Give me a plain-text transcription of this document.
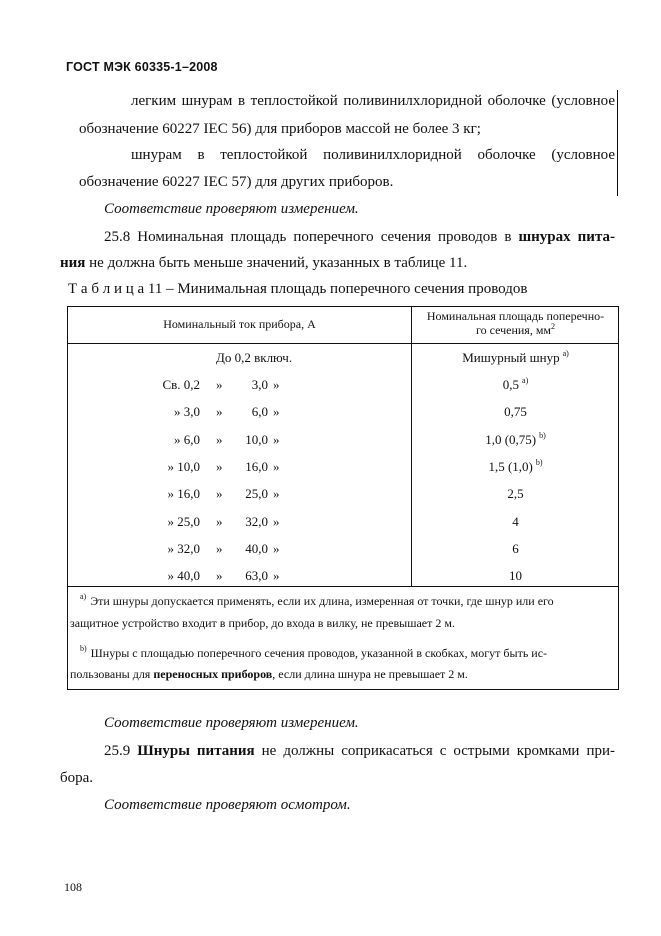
ГОСТ МЭК 60335-1–2008
легким шнурам в теплостойкой поливинилхлоридной оболочке (условное
обозначение 60227 IEC 56) для приборов массой не более 3 кг;
шнурам в теплостойкой поливинилхлоридной оболочке (условное
обозначение 60227 IEC 57) для других приборов.
Соответствие проверяют измерением.
25.8 Номинальная площадь поперечного сечения проводов в шнурах пита-
ния не должна быть меньше значений, указанных в таблице 11.
Т а б л и ц а 11 – Минимальная площадь поперечного сечения проводов
Номинальный ток прибора, А
Номинальная площадь поперечно-
го сечения, $мм^2$
До 0,2 включ.	Мишурный шнур $^{a)}$
Св. 0,2 »	3,0 »	0,5 $^{a)}$
» 3,0 »	6,0 »	0,75
» 6,0 »	10,0 »	1,0 (0,75) $^{b)}$
» 10,0 »	16,0 »	1,5 (1,0) $^{b)}$
» 16,0 »	25,0 »	2,5
» 25,0 »	32,0 »	4
» 32,0 »	40,0 »	6
» 40,0 »	63,0 »	10
$^{a)}$ Эти шнуры допускается применять, если их длина, измеренная от точки, где шнур или его
защитное устройство входит в прибор, до входа в вилку, не превышает 2 м.
$^{b)}$ Шнуры с площадью поперечного сечения проводов, указанной в скобках, могут быть ис-
пользованы для переносных приборов, если длина шнура не превышает 2 м.
Соответствие проверяют измерением.
25.9 Шнуры питания не должны соприкасаться с острыми кромками при-
бора.
Соответствие проверяют осмотром.
108
